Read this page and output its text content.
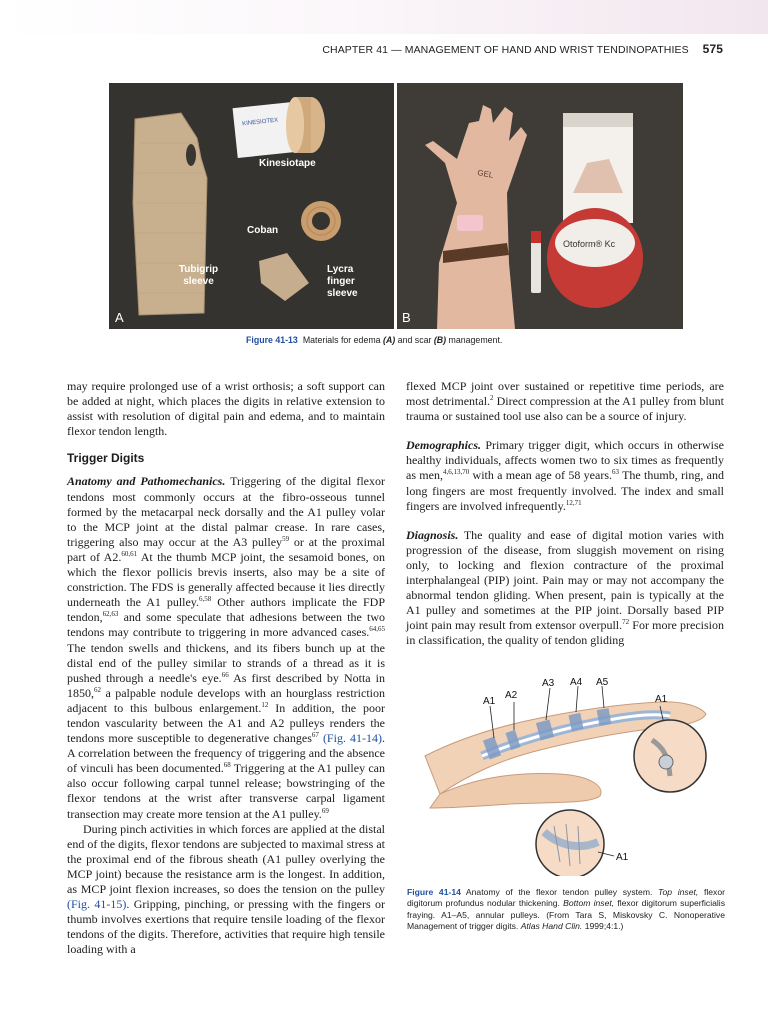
CHAPTER 41 — MANAGEMENT OF HAND AND WRIST TENDINOPATHIES 575
KINESIOTEX
Kinesiotape
Coban
Tubigrip sleeve
Lycra finger sleeve
A
GEL
Otoform® Kc
B
Figure 41-13 Materials for edema (A) and scar (B) management.

may require prolonged use of a wrist orthosis; a soft support can be added at night, which places the digits in relative extension to assist with resolution of digital pain and edema, and to maintain flexor tendon length.

Trigger Digits

Anatomy and Pathomechanics. Triggering of the digital flexor tendons most commonly occurs at the fibro-osseous tunnel formed by the metacarpal neck dorsally and the A1 pulley volar to the MCP joint at the distal palmar crease. In rare cases, triggering also may occur at the A3 pulley$^{59}$ or at the proximal part of A2.$^{60,61}$ At the thumb MCP joint, the sesamoid bones, on which the flexor pollicis brevis inserts, also may be a site of constriction. The FDS is generally affected because it lies directly underneath the A1 pulley.$^{6,58}$ Other authors implicate the FDP tendon,$^{62,63}$ and some speculate that adhesions between the two tendons may contribute to triggering in more advanced cases.$^{64,65}$ The tendon swells and thickens, and its fibers bunch up at the distal end of the pulley similar to strands of a thread as it is pushed through a needle's eye.$^{66}$ As first described by Notta in 1850,62 a palpable nodule develops with an hourglass restriction adjacent to this bulbous enlargement.$^{12}$ In addition, the poor tendon vascularity between the A1 and A2 pulleys renders the tendons more susceptible to degenerative changes$^{67}$ (Fig. 41-14). A correlation between the frequency of triggering and the absence of vinculi has been documented.$^{68}$ Triggering at the A1 pulley can also occur following carpal tunnel release; bowstringing of the flexor tendons at the wrist after transverse carpal ligament transection may create more tension at the A1 pulley.$^{69}$

During pinch activities in which forces are applied at the distal end of the digits, flexor tendons are subjected to maximal stress at the proximal end of the fibrous sheath (A1 pulley overlying the MCP joint) because the resistance arm is the longest. In addition, as MCP joint flexion increases, so does the tension on the pulley (Fig. 41-15). Gripping, pinching, or pressing with the fingers or thumb involves exertions that require tensile loading of the flexor tendons of the digits. Therefore, activities that require high tensile loading with a

flexed MCP joint over sustained or repetitive time periods, are most detrimental.$^2$ Direct compression at the A1 pulley from blunt trauma or sustained tool use also can be a source of injury.

Demographics. Primary trigger digit, which occurs in otherwise healthy individuals, affects women two to six times as frequently as men,$^{4,6,13,70}$ with a mean age of 58 years.$^{63}$ The thumb, ring, and long fingers are most frequently involved. The index and small fingers are involved infrequently.$^{12,71}$

Diagnosis. The quality and ease of digital motion varies with progression of the disease, from sluggish movement on rising only, to locking and flexion contracture of the proximal interphalangeal (PIP) joint. Pain may or may not accompany the abnormal tendon gliding. When present, pain is typically at the A1 pulley and sometimes at the PIP joint. Dorsally based PIP joint pain may result from extensor overpull.$^{72}$ For more precision in classification, the quality of tendon gliding

A1
A2
A3 A4 A5
A1
A1
Figure 41-14 Anatomy of the flexor tendon pulley system. Top inset, flexor digitorum profundus nodular thickening. Bottom inset, flexor digitorum superficialis fraying. A1–A5, annular pulleys. (From Tara S, Miskovsky C. Nonoperative Management of trigger digits. Atlas Hand Clin. 1999;4:1.)
